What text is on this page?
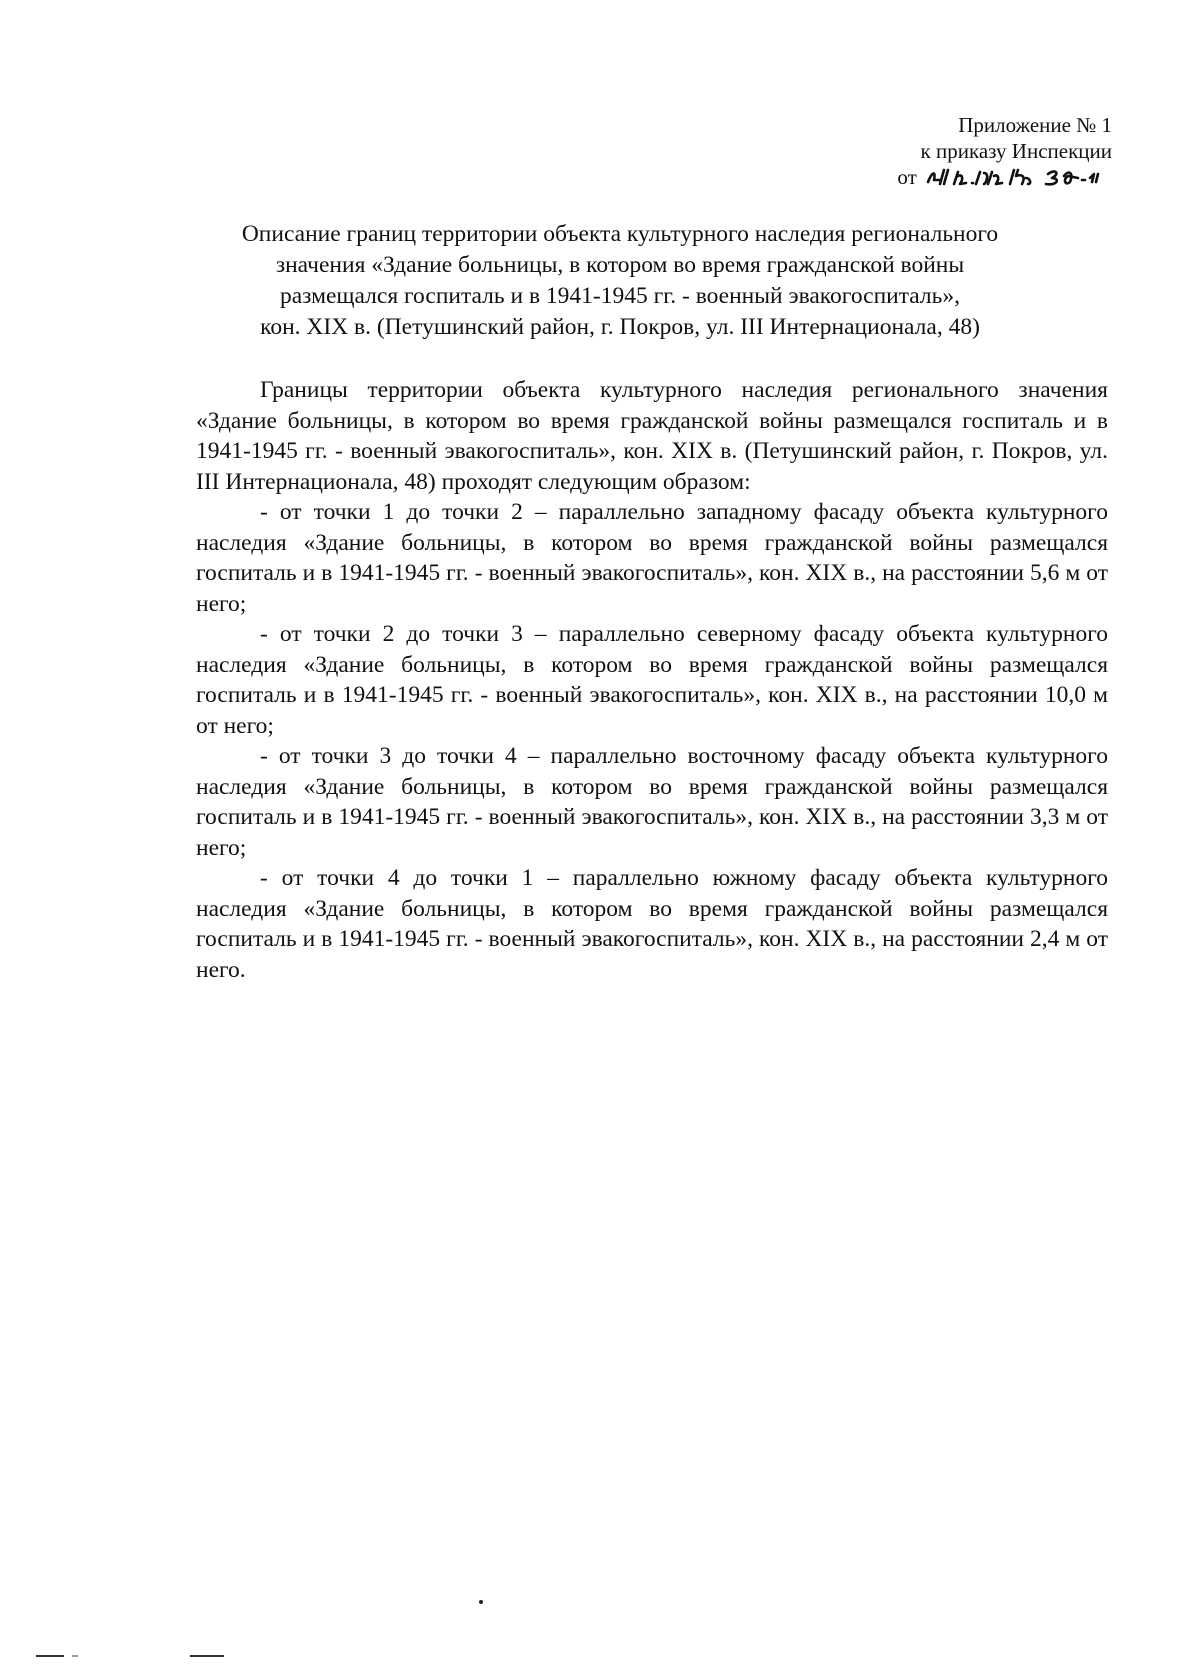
Приложение № 1
к приказу Инспекции
от
Описание границ территории объекта культурного наследия регионального
значения «Здание больницы, в котором во время гражданской войны
размещался госпиталь и в 1941-1945 гг. - военный эвакогоспиталь»,
кон. XIX в. (Петушинский район, г. Покров, ул. III Интернационала, 48)

Границы территории объекта культурного наследия регионального значения «Здание больницы, в котором во время гражданской войны размещался госпиталь и в 1941-1945 гг. - военный эвакогоспиталь», кон. XIX в. (Петушинский район, г. Покров, ул. III Интернационала, 48) проходят следующим образом:

- от точки 1 до точки 2 – параллельно западному фасаду объекта культурного наследия «Здание больницы, в котором во время гражданской войны размещался госпиталь и в 1941-1945 гг. - военный эвакогоспиталь», кон. XIX в., на расстоянии 5,6 м от него;

- от точки 2 до точки 3 – параллельно северному фасаду объекта культурного наследия «Здание больницы, в котором во время гражданской войны размещался госпиталь и в 1941-1945 гг. - военный эвакогоспиталь», кон. XIX в., на расстоянии 10,0 м от него;

- от точки 3 до точки 4 – параллельно восточному фасаду объекта культурного наследия «Здание больницы, в котором во время гражданской войны размещался госпиталь и в 1941-1945 гг. - военный эвакогоспиталь», кон. XIX в., на расстоянии 3,3 м от него;

- от точки 4 до точки 1 – параллельно южному фасаду объекта культурного наследия «Здание больницы, в котором во время гражданской войны размещался госпиталь и в 1941-1945 гг. - военный эвакогоспиталь», кон. XIX в., на расстоянии 2,4 м от него.
